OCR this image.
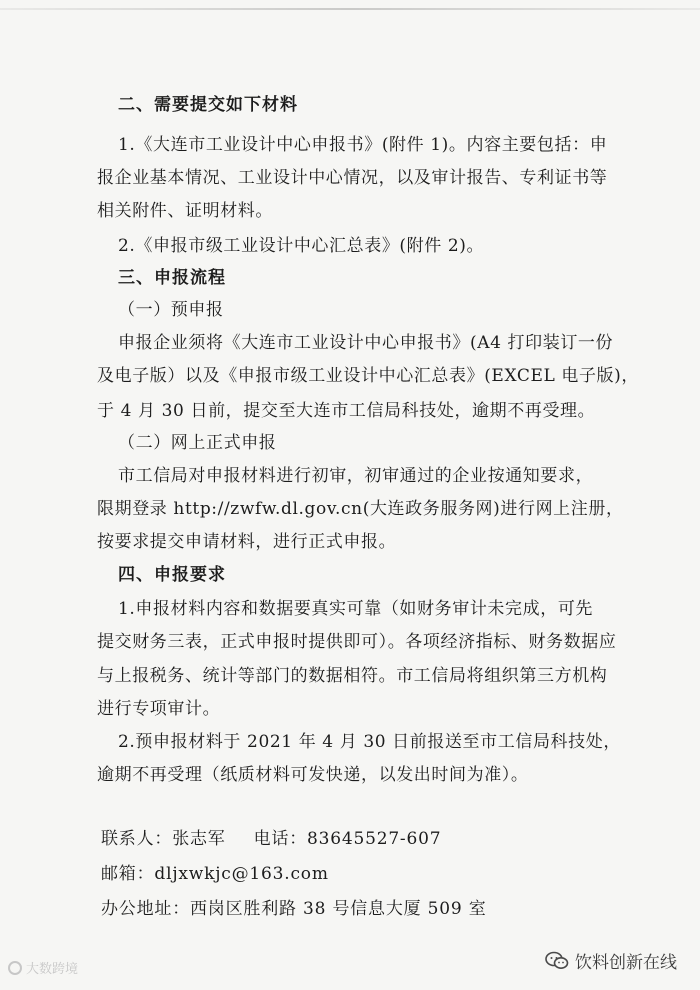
二、需要提交如下材料
1.《大连市工业设计中心申报书》(附件 1)。内容主要包括：申
报企业基本情况、工业设计中心情况，以及审计报告、专利证书等
相关附件、证明材料。
2.《申报市级工业设计中心汇总表》(附件 2)。
三、申报流程
（一）预申报
申报企业须将《大连市工业设计中心申报书》(A4 打印装订一份
及电子版）以及《申报市级工业设计中心汇总表》(EXCEL 电子版)，
于 4 月 30 日前，提交至大连市工信局科技处，逾期不再受理。
（二）网上正式申报
市工信局对申报材料进行初审，初审通过的企业按通知要求，
限期登录 http://zwfw.dl.gov.cn(大连政务服务网)进行网上注册，
按要求提交申请材料，进行正式申报。
四、申报要求
1.申报材料内容和数据要真实可靠（如财务审计未完成，可先
提交财务三表，正式申报时提供即可）。各项经济指标、财务数据应
与上报税务、统计等部门的数据相符。市工信局将组织第三方机构
进行专项审计。
2.预申报材料于 2021 年 4 月 30 日前报送至市工信局科技处，
逾期不再受理（纸质材料可发快递，以发出时间为准）。
联系人：张志军 电话：83645527-607
邮箱：dljxwkjc@163.com
办公地址：西岗区胜利路 38 号信息大厦 509 室
大数跨境	饮料创新在线
